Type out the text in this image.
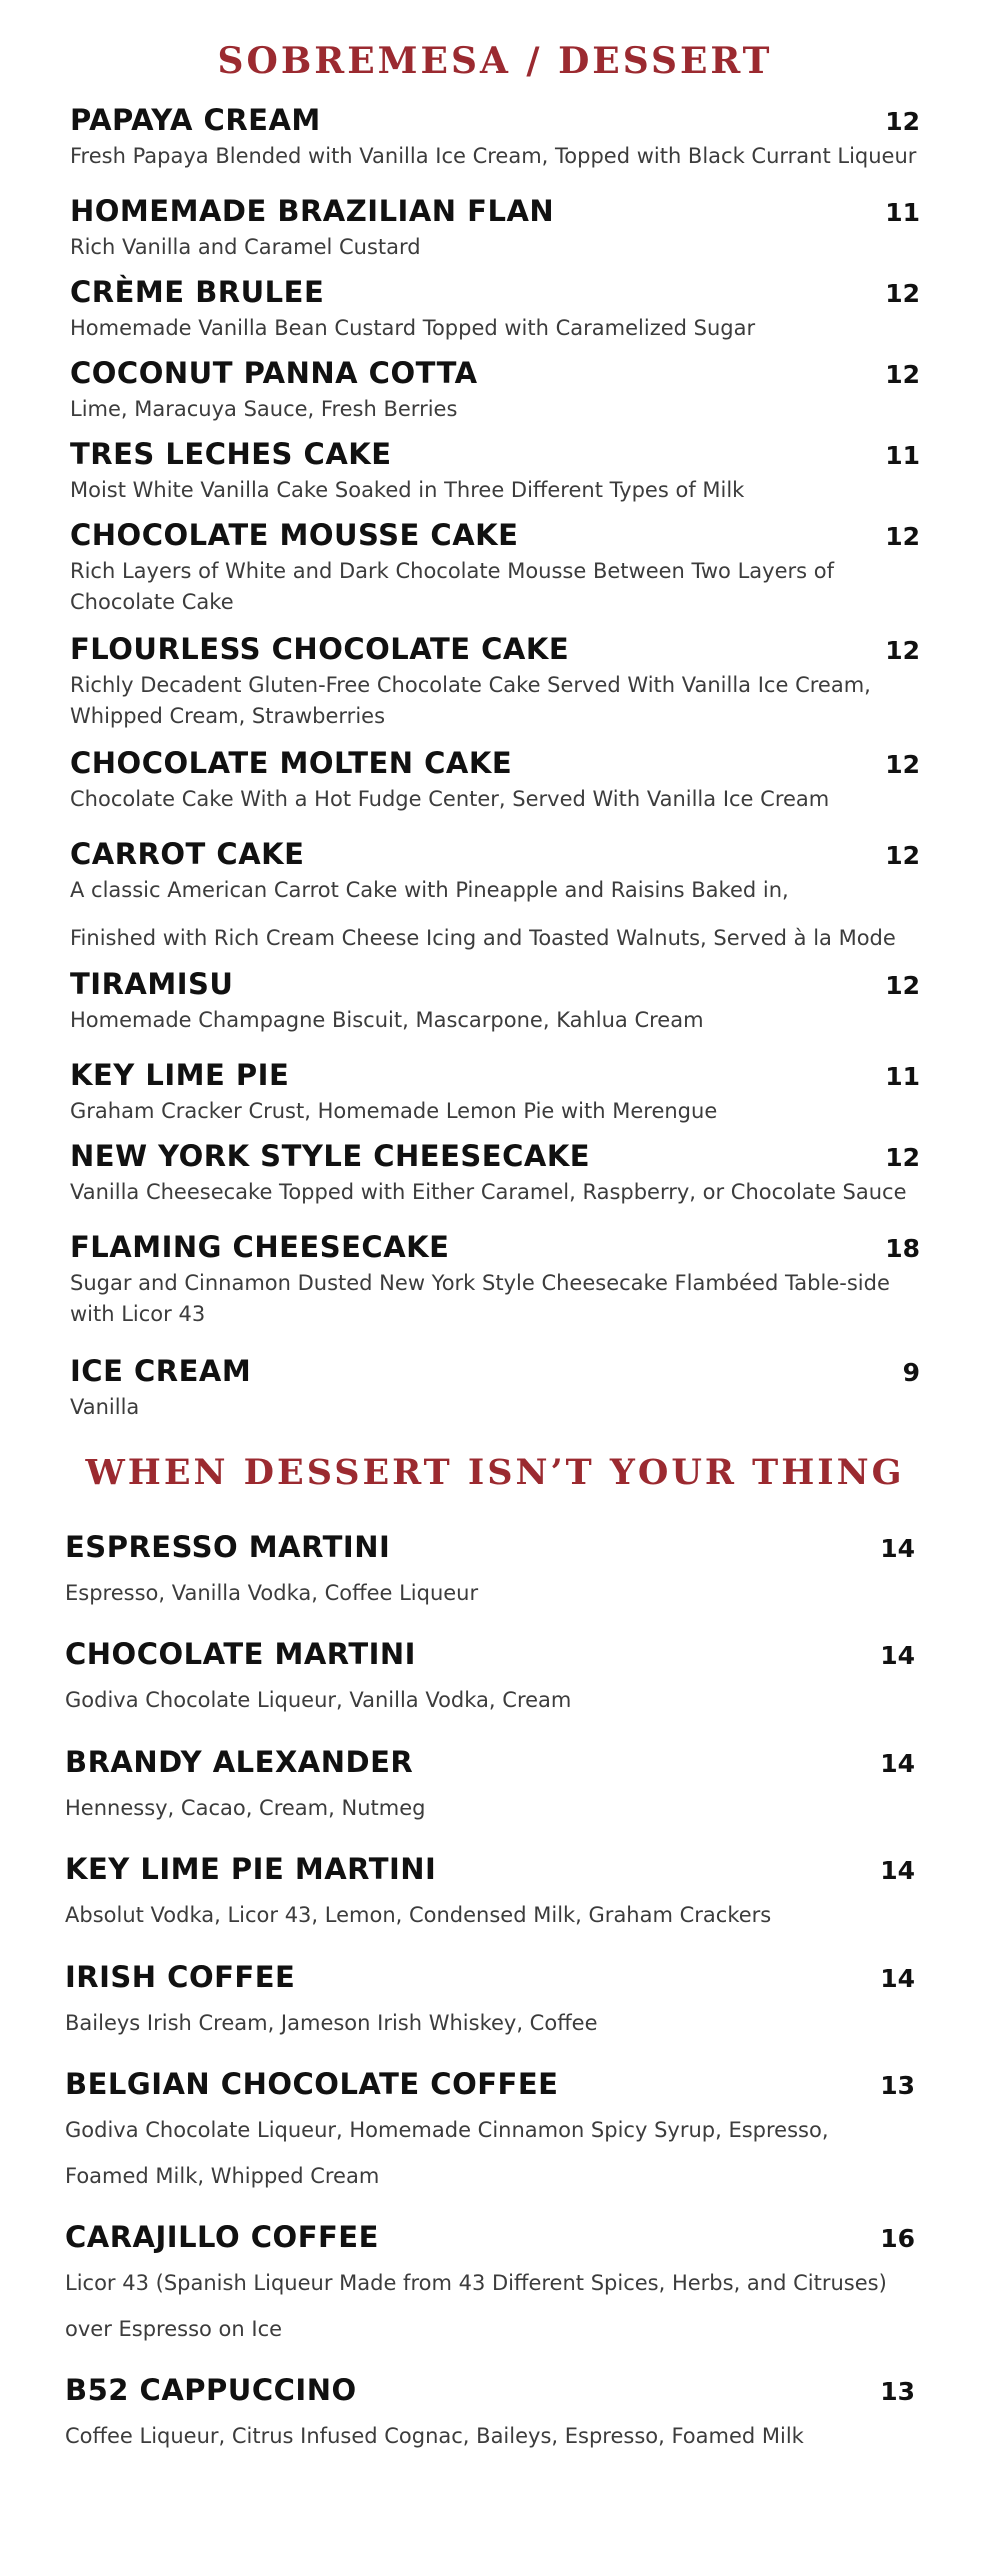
SOBREMESA / DESSERT
PAPAYA CREAM	12
Fresh Papaya Blended with Vanilla Ice Cream, Topped with Black Currant Liqueur
HOMEMADE BRAZILIAN FLAN	11
Rich Vanilla and Caramel Custard
CRÈME BRULEE	12
Homemade Vanilla Bean Custard Topped with Caramelized Sugar
COCONUT PANNA COTTA	12
Lime, Maracuya Sauce, Fresh Berries
TRES LECHES CAKE	11
Moist White Vanilla Cake Soaked in Three Different Types of Milk
CHOCOLATE MOUSSE CAKE	12
Rich Layers of White and Dark Chocolate Mousse Between Two Layers of Chocolate Cake
FLOURLESS CHOCOLATE CAKE	12
Richly Decadent Gluten-Free Chocolate Cake Served With Vanilla Ice Cream, Whipped Cream, Strawberries
CHOCOLATE MOLTEN CAKE	12
Chocolate Cake With a Hot Fudge Center, Served With Vanilla Ice Cream
CARROT CAKE	12
A classic American Carrot Cake with Pineapple and Raisins Baked in,
Finished with Rich Cream Cheese Icing and Toasted Walnuts, Served à la Mode
TIRAMISU	12
Homemade Champagne Biscuit, Mascarpone, Kahlua Cream
KEY LIME PIE	11
Graham Cracker Crust, Homemade Lemon Pie with Merengue
NEW YORK STYLE CHEESECAKE	12
Vanilla Cheesecake Topped with Either Caramel, Raspberry, or Chocolate Sauce
FLAMING CHEESECAKE	18
Sugar and Cinnamon Dusted New York Style Cheesecake Flambéed Table-side with Licor 43
ICE CREAM	9
Vanilla
WHEN DESSERT ISN’T YOUR THING
ESPRESSO MARTINI	14
Espresso, Vanilla Vodka, Coffee Liqueur
CHOCOLATE MARTINI	14
Godiva Chocolate Liqueur, Vanilla Vodka, Cream
BRANDY ALEXANDER	14
Hennessy, Cacao, Cream, Nutmeg
KEY LIME PIE MARTINI	14
Absolut Vodka, Licor 43, Lemon, Condensed Milk, Graham Crackers
IRISH COFFEE	14
Baileys Irish Cream, Jameson Irish Whiskey, Coffee
BELGIAN CHOCOLATE COFFEE	13
Godiva Chocolate Liqueur, Homemade Cinnamon Spicy Syrup, Espresso,
Foamed Milk, Whipped Cream
CARAJILLO COFFEE	16
Licor 43 (Spanish Liqueur Made from 43 Different Spices, Herbs, and Citruses)
over Espresso on Ice
B52 CAPPUCCINO	13
Coffee Liqueur, Citrus Infused Cognac, Baileys, Espresso, Foamed Milk
